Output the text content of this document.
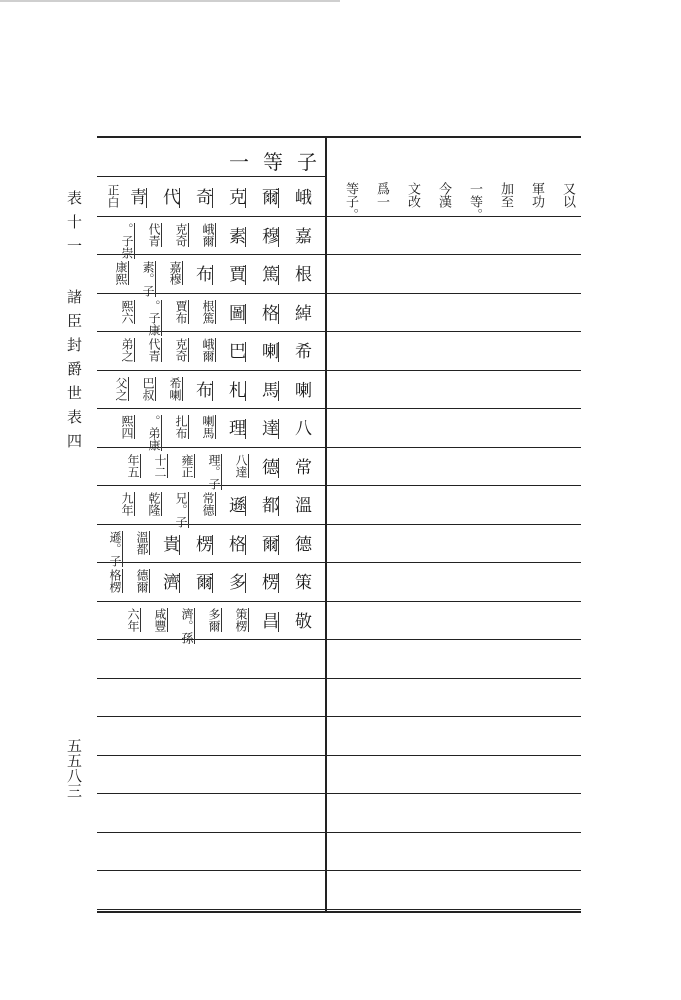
表十一 諸臣封爵世表四
五五八三
一等子
峨
爾
克
奇
代
青
正白
嘉
穆
素
峨爾
克奇
代青
。子崇
根
篤
賈
布
嘉穆
素。子
康熙
綽
格
圖
根篤
賈布
。子康
熙六
希
喇
巴
峨爾
克奇
代青
弟之
喇
馬
札
布
希喇
巴叔
父之
八
達
理
喇馬
扎布
。弟康
熙四
常
德
八達
理。子
雍正
十二
年五
溫
都
遜
常德
兄。子
乾隆
九年
德
爾
格
楞
貴
溫都
遜。子
策
楞
多
爾
濟
德爾
格楞
敬
昌
策楞
多爾
濟。孫
咸豐
六年
又以
軍功
加至
一等。
今漢
文改
爲一
等子。
